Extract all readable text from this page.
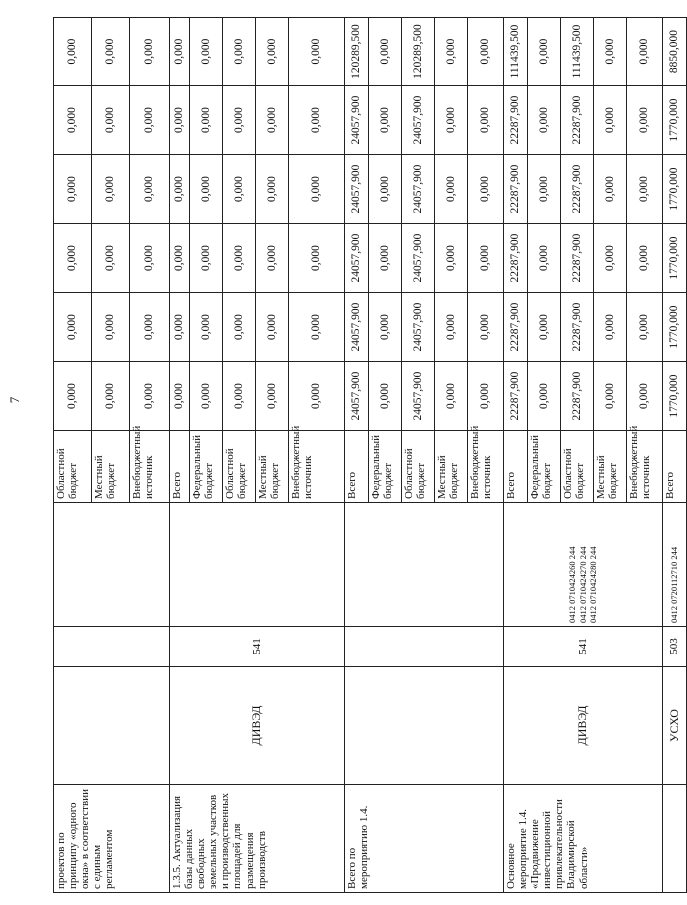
7
проектов по принципу «одного окна» в соответствии с единым регламентом				Областной бюджет	0,000	0,000	0,000	0,000	0,000	0,000
				Местный бюджет	0,000	0,000	0,000	0,000	0,000	0,000
				Внебюджетный источник	0,000	0,000	0,000	0,000	0,000	0,000
1.3.5. Актуализация базы данных свободных земельных участков и производственных площадей для размещения производств	ДИВЭД	541		Всего	0,000	0,000	0,000	0,000	0,000	0,000
				Федеральный бюджет	0,000	0,000	0,000	0,000	0,000	0,000
				Областной бюджет	0,000	0,000	0,000	0,000	0,000	0,000
				Местный бюджет	0,000	0,000	0,000	0,000	0,000	0,000
				Внебюджетный источник	0,000	0,000	0,000	0,000	0,000	0,000
Всего по мероприятию 1.4.				Всего	24057,900	24057,900	24057,900	24057,900	24057,900	120289,500
				Федеральный бюджет	0,000	0,000	0,000	0,000	0,000	0,000
				Областной бюджет	24057,900	24057,900	24057,900	24057,900	24057,900	120289,500
				Местный бюджет	0,000	0,000	0,000	0,000	0,000	0,000
				Внебюджетный источник	0,000	0,000	0,000	0,000	0,000	0,000
Основное мероприятие 1.4. «Продвижение инвестиционной привлекательности Владимирской области»	ДИВЭД	541	0412 0710424260 244 0412 0710424270 244 0412 0710424280 244	Всего	22287,900	22287,900	22287,900	22287,900	22287,900	111439,500
				Федеральный бюджет	0,000	0,000	0,000	0,000	0,000	0,000
				Областной бюджет	22287,900	22287,900	22287,900	22287,900	22287,900	111439,500
				Местный бюджет	0,000	0,000	0,000	0,000	0,000	0,000
				Внебюджетный источник	0,000	0,000	0,000	0,000	0,000	0,000
	УСХО	503	0412 0720112710 244	Всего	1770,000	1770,000	1770,000	1770,000	1770,000	8850,000
